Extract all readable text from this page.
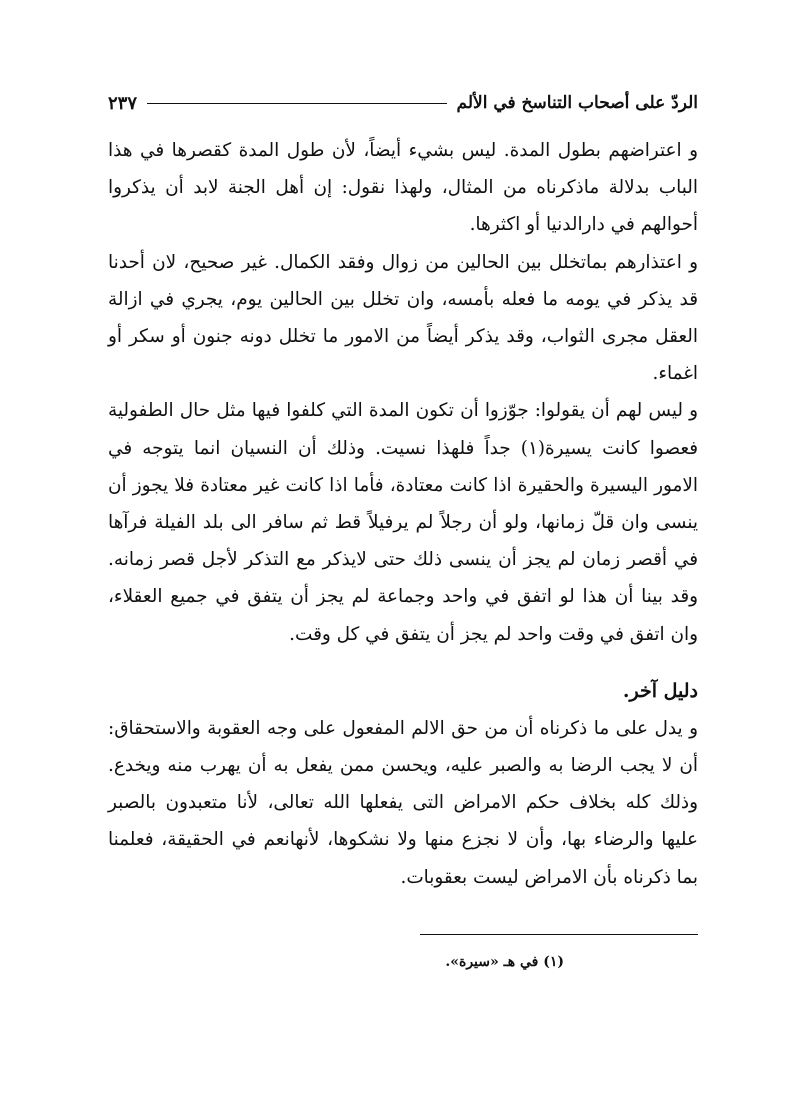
الردّ على أصحاب التناسخ في الألم
٢٣٧

و اعتراضهم بطول المدة. ليس بشيء أيضاً، لأن طول المدة كقصرها في هذا الباب بدلالة ماذكرناه من المثال، ولهذا نقول: إن أهل الجنة لابد أن يذكروا أحوالهم في دارالدنيا أو اكثرها.

و اعتذارهم بماتخلل بين الحالين من زوال وفقد الكمال. غير صحيح، لان أحدنا قد يذكر في يومه ما فعله بأمسه، وان تخلل بين الحالين يوم، يجري في ازالة العقل مجرى الثواب، وقد يذكر أيضاً من الامور ما تخلل دونه جنون أو سكر أو اغماء.

و ليس لهم أن يقولوا: جوّزوا أن تكون المدة التي كلفوا فيها مثل حال الطفولية فعصوا كانت يسيرة(١) جداً فلهذا نسيت. وذلك أن النسيان انما يتوجه في الامور اليسيرة والحقيرة اذا كانت معتادة، فأما اذا كانت غير معتادة فلا يجوز أن ينسى وان قلّ زمانها، ولو أن رجلاً لم يرفيلاً قط ثم سافر الى بلد الفيلة فرآها في أقصر زمان لم يجز أن ينسى ذلك حتى لايذكر مع التذكر لأجل قصر زمانه. وقد بينا أن هذا لو اتفق في واحد وجماعة لم يجز أن يتفق في جميع العقلاء، وان اتفق في وقت واحد لم يجز أن يتفق في كل وقت.

دليل آخر.

و يدل على ما ذكرناه أن من حق الالم المفعول على وجه العقوبة والاستحقاق: أن لا يجب الرضا به والصبر عليه، ويحسن ممن يفعل به أن يهرب منه ويخدع. وذلك كله بخلاف حكم الامراض التى يفعلها الله تعالى، لأنا متعبدون بالصبر عليها والرضاء بها، وأن لا نجزع منها ولا نشكوها، لأنهانعم في الحقيقة، فعلمنا بما ذكرناه بأن الامراض ليست بعقوبات.

(١) في هـ «سيرة».
